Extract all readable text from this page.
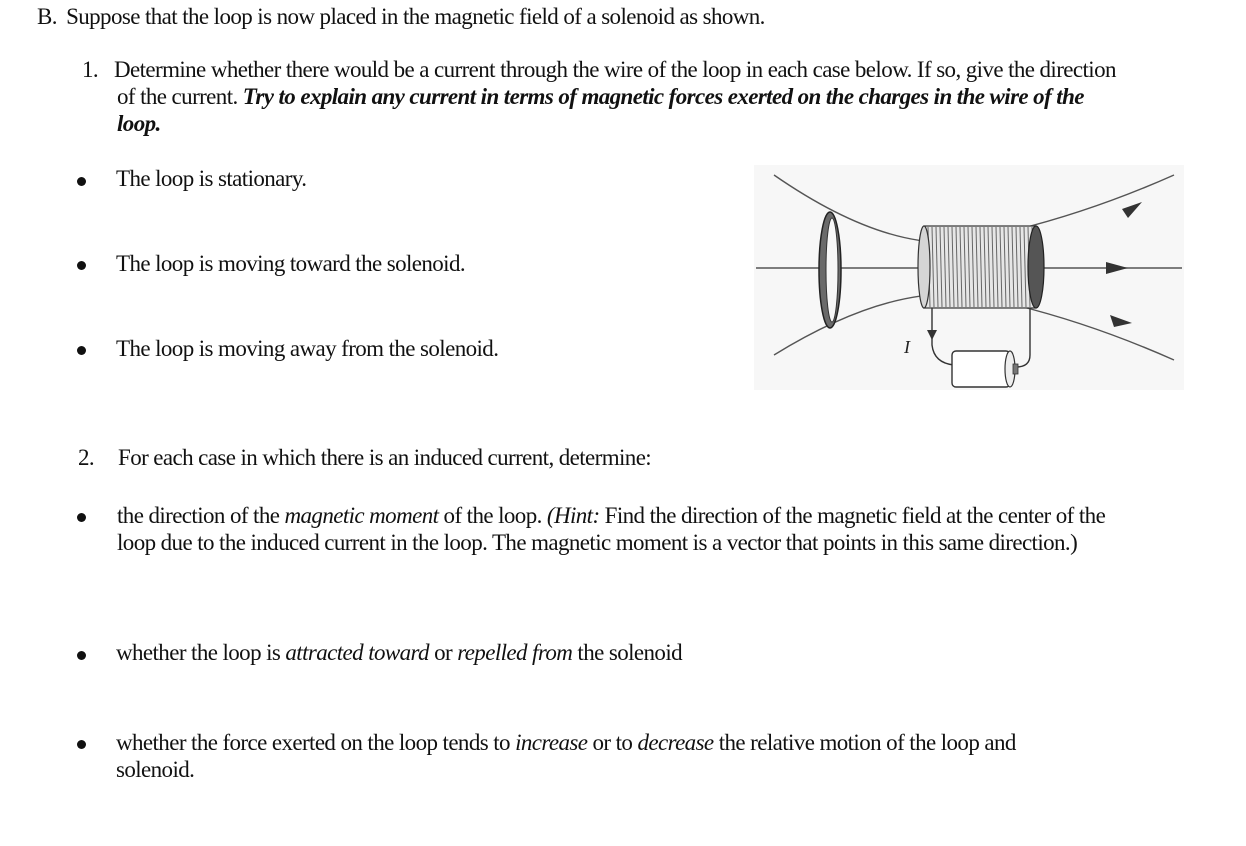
B. Suppose that the loop is now placed in the magnetic field of a solenoid as shown.
1. Determine whether there would be a current through the wire of the loop in each case below. If so, give the direction of the current. Try to explain any current in terms of magnetic forces exerted on the charges in the wire of the loop.
The loop is stationary.
The loop is moving toward the solenoid.
The loop is moving away from the solenoid.	I
2. For each case in which there is an induced current, determine:
the direction of the magnetic moment of the loop. (Hint: Find the direction of the magnetic field at the center of the loop due to the induced current in the loop. The magnetic moment is a vector that points in this same direction.)
whether the loop is attracted toward or repelled from the solenoid
whether the force exerted on the loop tends to increase or to decrease the relative motion of the loop and solenoid.
